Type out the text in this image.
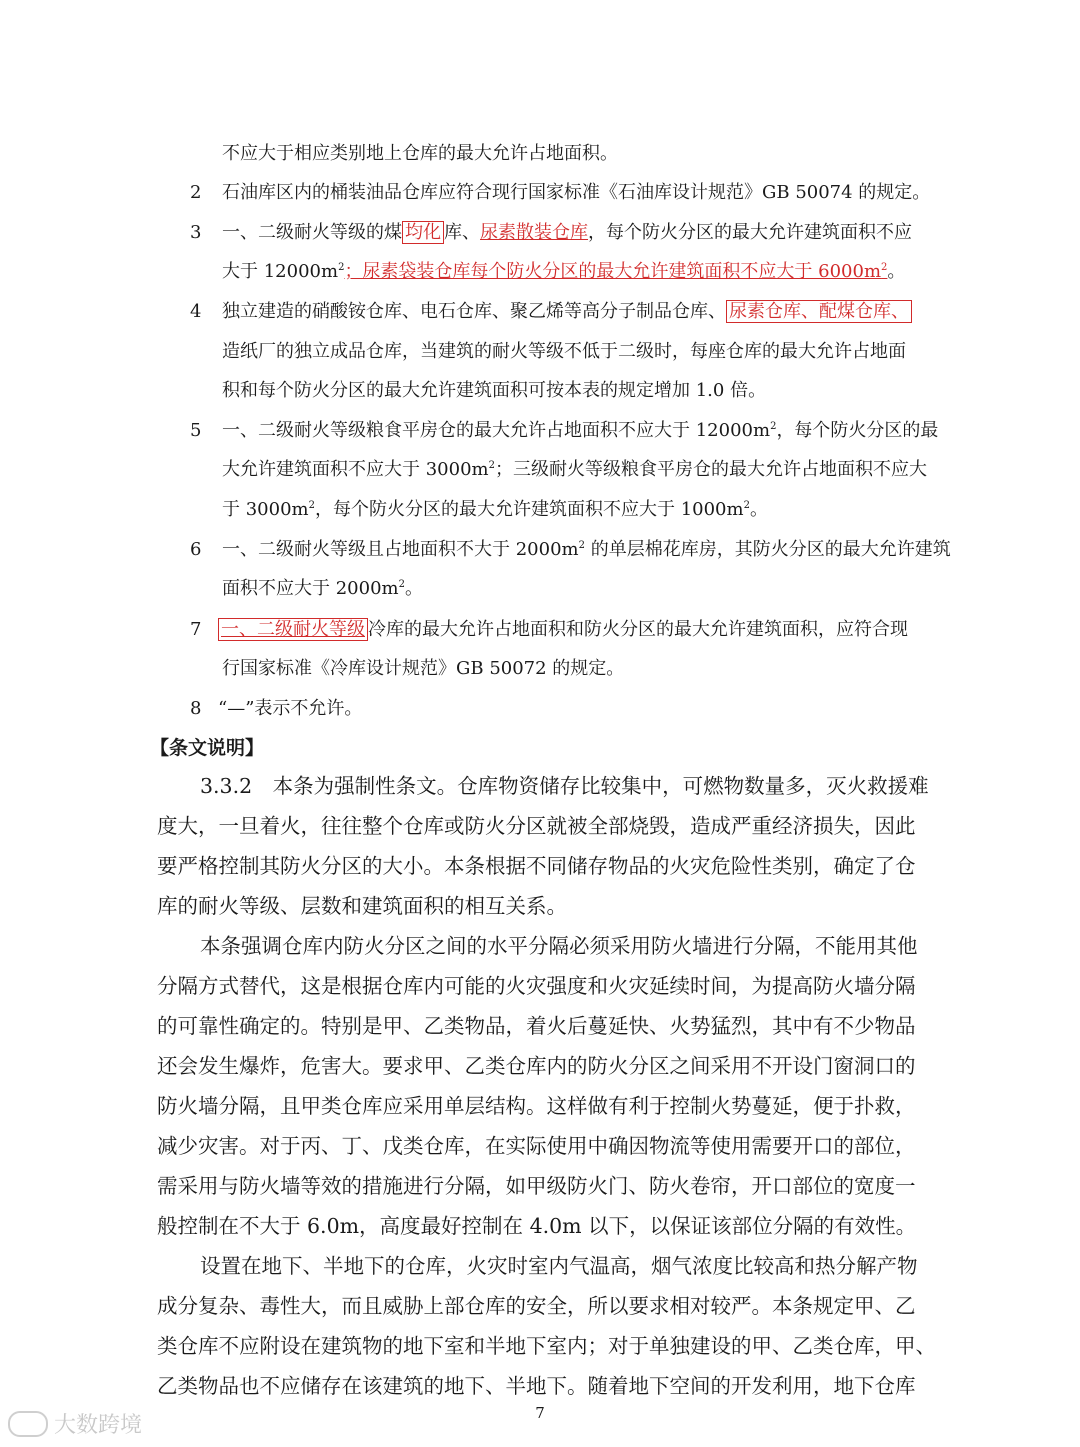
不应大于相应类别地上仓库的最大允许占地面积。
2 石油库区内的桶装油品仓库应符合现行国家标准《石油库设计规范》GB 50074 的规定。
3 一、二级耐火等级的煤 均化 库、尿素散装仓库，每个防火分区的最大允许建筑面积不应
大于 $12000m^2$；尿素袋装仓库每个防火分区的最大允许建筑面积不应大于 $6000m^2$。
4 独立建造的硝酸铵仓库、电石仓库、聚乙烯等高分子制品仓库、 尿素仓库、配煤仓库、
造纸厂的独立成品仓库，当建筑的耐火等级不低于二级时，每座仓库的最大允许占地面
积和每个防火分区的最大允许建筑面积可按本表的规定增加 1.0 倍。
5 一、二级耐火等级粮食平房仓的最大允许占地面积不应大于 $12000m^2$，每个防火分区的最
大允许建筑面积不应大于 $3000m^2$；三级耐火等级粮食平房仓的最大允许占地面积不应大
于 $3000m^2$，每个防火分区的最大允许建筑面积不应大于 $1000m^2$。
6 一、二级耐火等级且占地面积不大于 $2000m^2$ 的单层棉花库房，其防火分区的最大允许建筑
面积不应大于 $2000m^2$。
7 一、二级耐火等级 冷库的最大允许占地面积和防火分区的最大允许建筑面积，应符合现
行国家标准《冷库设计规范》GB 50072 的规定。
8 “—”表示不允许。
【条文说明】
3.3.2　本条为强制性条文。仓库物资储存比较集中，可燃物数量多，灭火救援难
度大，一旦着火，往往整个仓库或防火分区就被全部烧毁，造成严重经济损失，因此
要严格控制其防火分区的大小。本条根据不同储存物品的火灾危险性类别，确定了仓
库的耐火等级、层数和建筑面积的相互关系。
本条强调仓库内防火分区之间的水平分隔必须采用防火墙进行分隔，不能用其他
分隔方式替代，这是根据仓库内可能的火灾强度和火灾延续时间，为提高防火墙分隔
的可靠性确定的。特别是甲、乙类物品，着火后蔓延快、火势猛烈，其中有不少物品
还会发生爆炸，危害大。要求甲、乙类仓库内的防火分区之间采用不开设门窗洞口的
防火墙分隔，且甲类仓库应采用单层结构。这样做有利于控制火势蔓延，便于扑救，
减少灾害。对于丙、丁、戊类仓库，在实际使用中确因物流等使用需要开口的部位，
需采用与防火墙等效的措施进行分隔，如甲级防火门、防火卷帘，开口部位的宽度一
般控制在不大于 6.0m，高度最好控制在 4.0m 以下，以保证该部位分隔的有效性。
设置在地下、半地下的仓库，火灾时室内气温高，烟气浓度比较高和热分解产物
成分复杂、毒性大，而且威胁上部仓库的安全，所以要求相对较严。本条规定甲、乙
类仓库不应附设在建筑物的地下室和半地下室内；对于单独建设的甲、乙类仓库，甲、
乙类物品也不应储存在该建筑的地下、半地下。随着地下空间的开发利用，地下仓库
7
大数跨境
